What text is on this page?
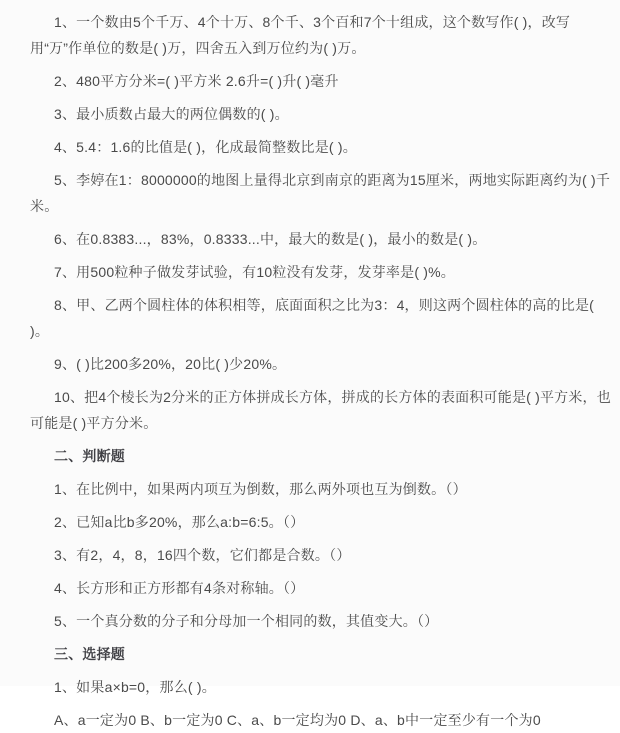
1、一个数由5个千万、4个十万、8个千、3个百和7个十组成，这个数写作( )，改写用“万”作单位的数是( )万，四舍五入到万位约为( )万。

2、480平方分米=( )平方米 2.6升=( )升( )毫升

3、最小质数占最大的两位偶数的( )。

4、5.4：1.6的比值是( )，化成最简整数比是( )。

5、李婷在1：8000000的地图上量得北京到南京的距离为15厘米，两地实际距离约为( )千米。

6、在0.8383...，83%，0.8333...中，最大的数是( )，最小的数是( )。

7、用500粒种子做发芽试验，有10粒没有发芽，发芽率是( )%。

8、甲、乙两个圆柱体的体积相等，底面面积之比为3：4，则这两个圆柱体的高的比是( )。

9、( )比200多20%，20比( )少20%。

10、把4个棱长为2分米的正方体拼成长方体，拼成的长方体的表面积可能是( )平方米，也可能是( )平方分米。

二、判断题

1、在比例中，如果两内项互为倒数，那么两外项也互为倒数。（）

2、已知a比b多20%，那么a:b=6:5。（）

3、有2，4，8，16四个数，它们都是合数。（）

4、长方形和正方形都有4条对称轴。（）

5、一个真分数的分子和分母加一个相同的数，其值变大。（）

三、选择题

1、如果a×b=0，那么( )。

A、a一定为0 B、b一定为0 C、a、b一定均为0 D、a、b中一定至少有一个为0
